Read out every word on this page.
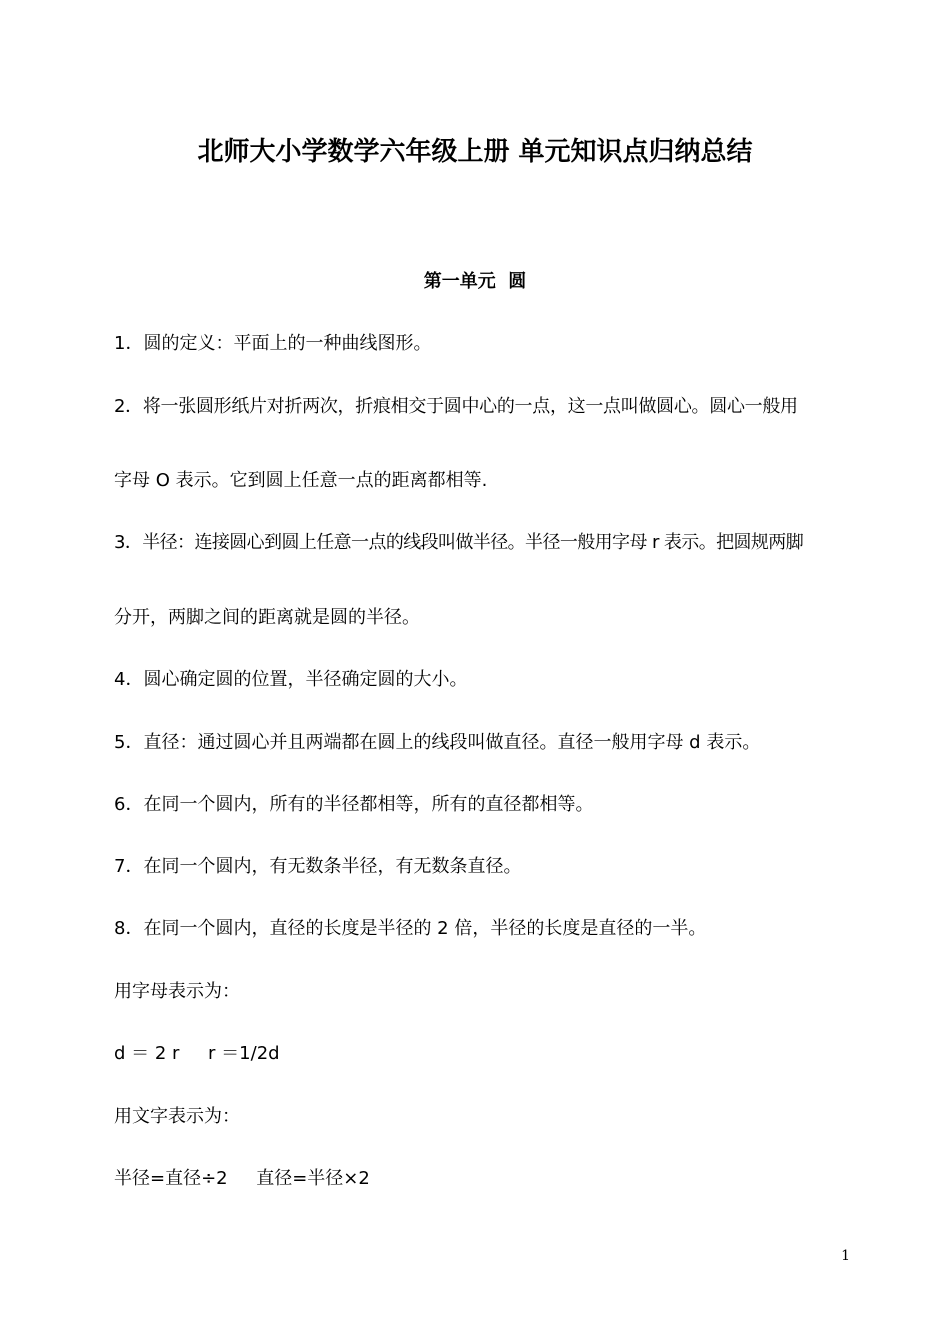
北师大小学数学六年级上册 单元知识点归纳总结
第一单元  圆

1．圆的定义：平面上的一种曲线图形。

2．将一张圆形纸片对折两次，折痕相交于圆中心的一点，这一点叫做圆心。圆心一般用

字母 O 表示。它到圆上任意一点的距离都相等.

3．半径：连接圆心到圆上任意一点的线段叫做半径。半径一般用字母 r 表示。把圆规两脚

分开，两脚之间的距离就是圆的半径。

4．圆心确定圆的位置，半径确定圆的大小。

5．直径：通过圆心并且两端都在圆上的线段叫做直径。直径一般用字母 d 表示。

6．在同一个圆内，所有的半径都相等，所有的直径都相等。

7．在同一个圆内，有无数条半径，有无数条直径。

8．在同一个圆内，直径的长度是半径的 2 倍，半径的长度是直径的一半。

用字母表示为：

d ＝ 2 r     r ＝1/2d

用文字表示为：

半径=直径÷2     直径=半径×2

1
